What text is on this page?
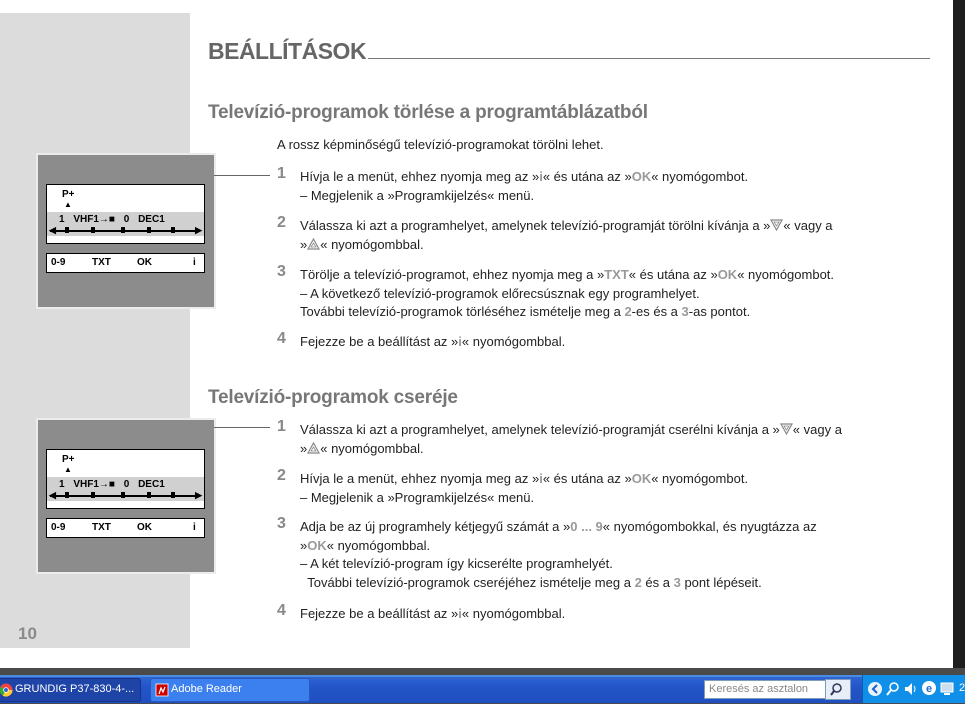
10
BEÁLLÍTÁSOK
Televízió-programok törlése a programtáblázatból
A rossz képminőségű televízió-programokat törölni lehet.
1 Hívja le a menüt, ehhez nyomja meg az »i« és utána az »OK« nyomógombot.
– Megjelenik a »Programkijelzés« menü.
2 Válassza ki azt a programhelyet, amelynek televízió-programját törölni kívánja a » « vagy a
» « nyomógombbal.
3 Törölje a televízió-programot, ehhez nyomja meg a »TXT« és utána az »OK« nyomógombot.
– A következő televízió-programok előrecsúsznak egy programhelyet.
További televízió-programok törléséhez ismételje meg a 2-es és a 3-as pontot.
4 Fejezze be a beállítást az »i« nyomógombbal.
Televízió-programok cseréje
1 Válassza ki azt a programhelyet, amelynek televízió-programját cserélni kívánja a » « vagy a
» « nyomógombbal.
2 Hívja le a menüt, ehhez nyomja meg az »i« és utána az »OK« nyomógombot.
– Megjelenik a »Programkijelzés« menü.
3 Adja be az új programhely kétjegyű számát a »0 ... 9« nyomógombokkal, és nyugtázza az
»OK« nyomógombbal.
– A két televízió-program így kicserélte programhelyét.
További televízió-programok cseréjéhez ismételje meg a 2 és a 3 pont lépéseit.
4 Fejezze be a beállítást az »i« nyomógombbal.
P+
▲
1 VHF1→■ 0 DEC1
◀	▶
0-9	TXT	OK	i
P+
▲
1 VHF1→■ 0 DEC1
◀	▶
0-9	TXT	OK	i
GRUNDIG P37-830-4-...	Adobe Reader	Keresés az asztalon	e 2
